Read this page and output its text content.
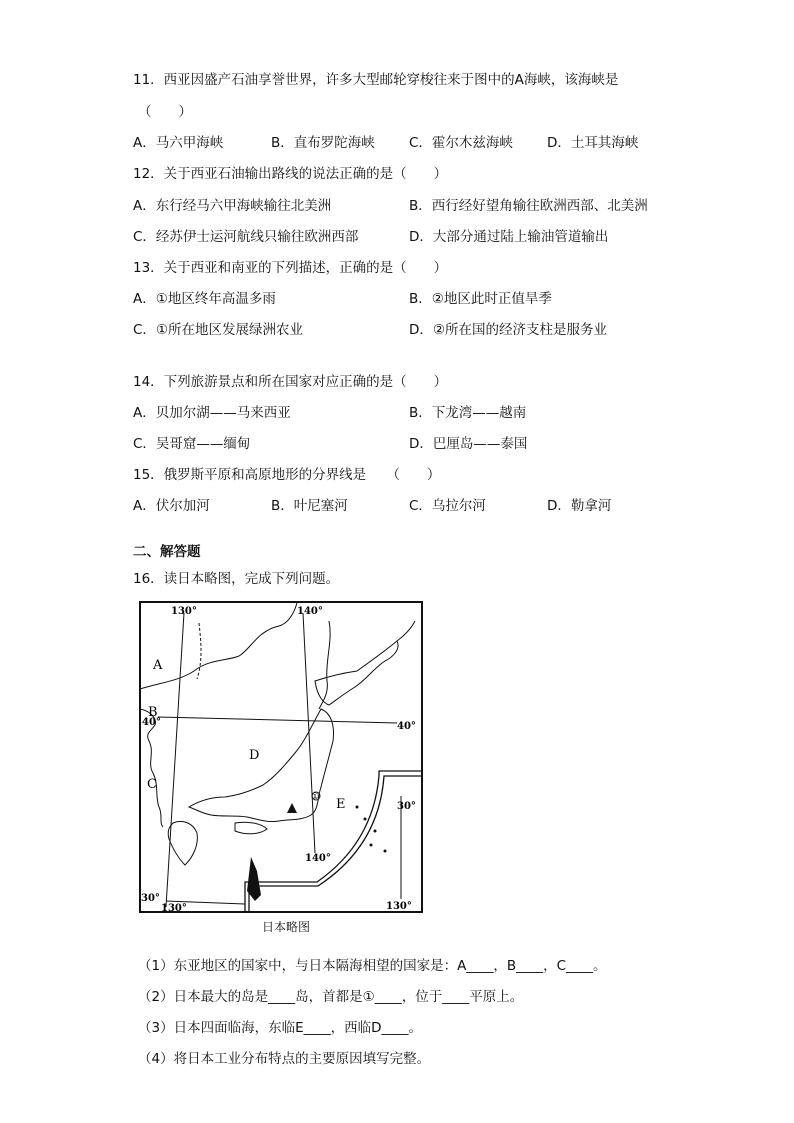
11．西亚因盛产石油享誉世界，许多大型邮轮穿梭往来于图中的A海峡，该海峡是
（　　）
A．马六甲海峡	B．直布罗陀海峡	C．霍尔木兹海峡	D．土耳其海峡
12．关于西亚石油输出路线的说法正确的是（　　）
A．东行经马六甲海峡输往北美洲	B．西行经好望角输往欧洲西部、北美洲
C．经苏伊士运河航线只输往欧洲西部	D．大部分通过陆上输油管道输出
13．关于西亚和南亚的下列描述，正确的是（　　）
A．①地区终年高温多雨	B．②地区此时正值旱季
C．①所在地区发展绿洲农业	D．②所在国的经济支柱是服务业
14．下列旅游景点和所在国家对应正确的是（　　）
A．贝加尔湖——马来西亚	B．下龙湾——越南
C．吴哥窟——缅甸	D．巴厘岛——泰国
15．俄罗斯平原和高原地形的分界线是　　（　　）
A．伏尔加河	B．叶尼塞河	C．乌拉尔河	D．勒拿河
二、解答题
16．读日本略图，完成下列问题。
A
B
C
D
E
①
130°	140°
40°	40°
30°
30°
140°
130°	130°
日本略图
（1）东亚地区的国家中，与日本隔海相望的国家是：A____，B____，C____。
（2）日本最大的岛是____岛，首都是①____，位于____平原上。
（3）日本四面临海，东临E____，西临D____。
（4）将日本工业分布特点的主要原因填写完整。
